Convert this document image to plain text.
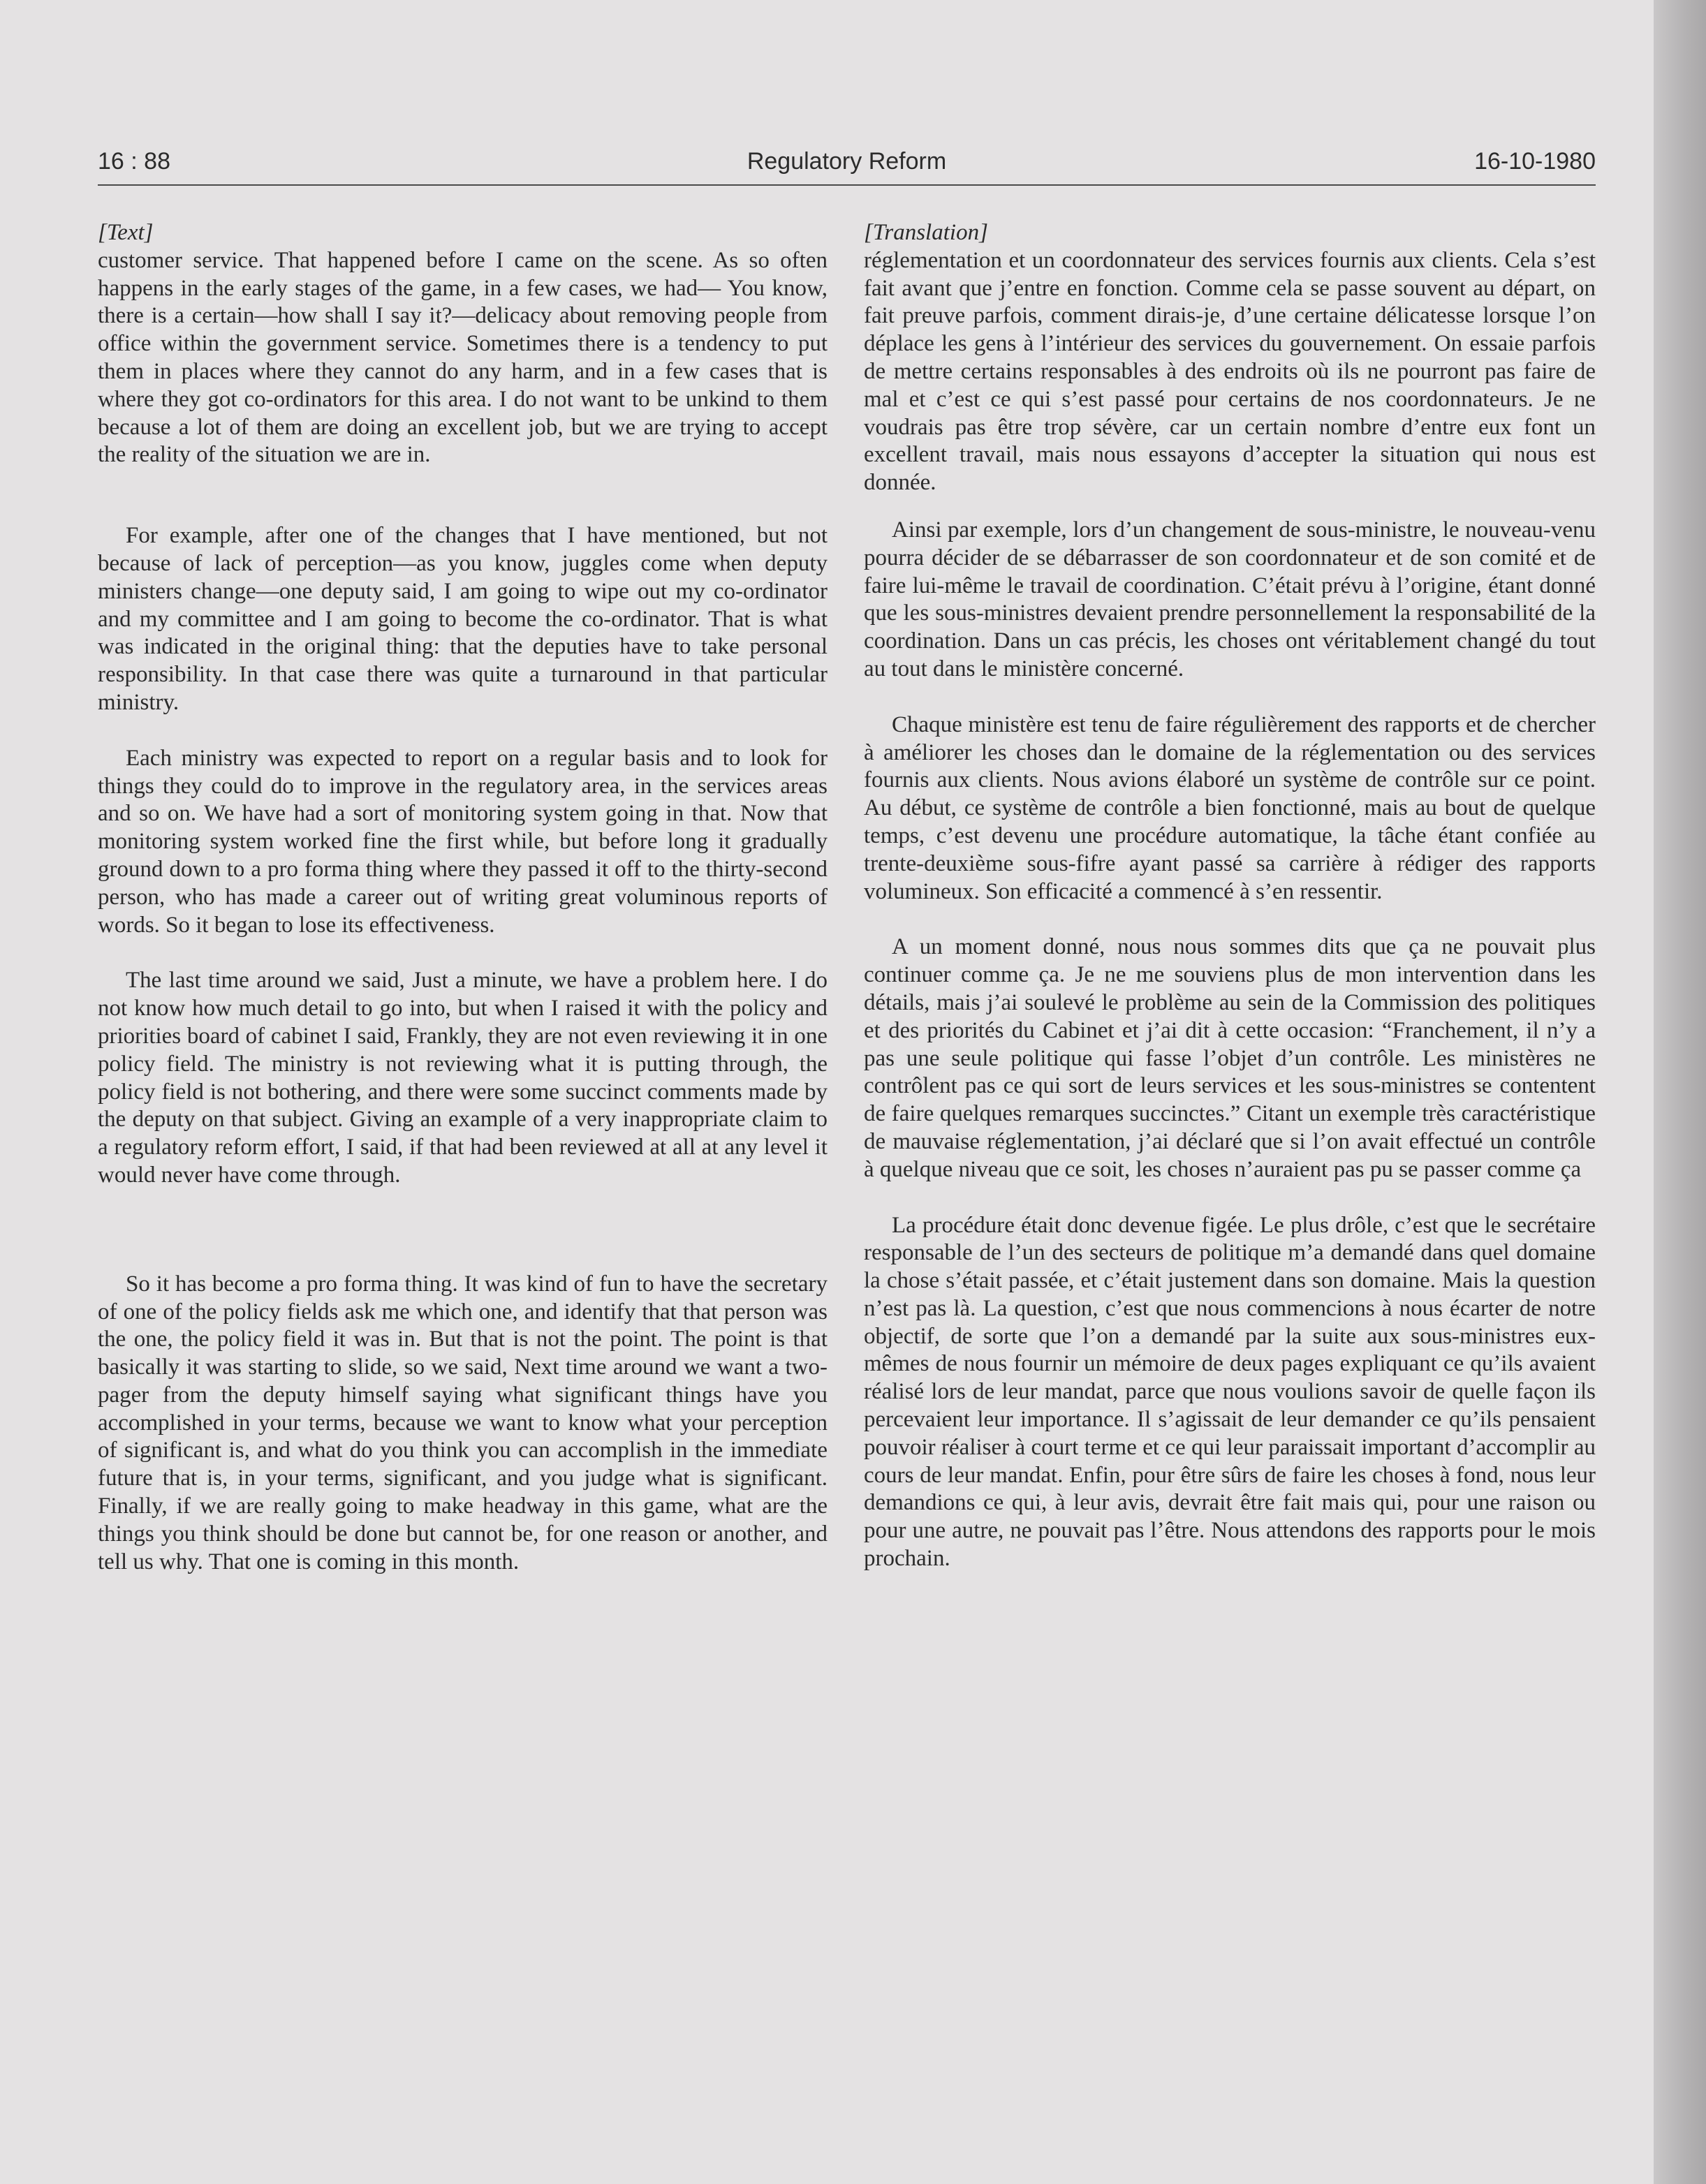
16 : 88	Regulatory Reform	16-10-1980

[Text]

customer service. That happened before I came on the scene. As so often happens in the early stages of the game, in a few cases, we had— You know, there is a certain—how shall I say it?—delicacy about removing people from office within the government service. Sometimes there is a tendency to put them in places where they cannot do any harm, and in a few cases that is where they got co-ordinators for this area. I do not want to be unkind to them because a lot of them are doing an excellent job, but we are trying to accept the reality of the situation we are in.

For example, after one of the changes that I have mentioned, but not because of lack of perception—as you know, juggles come when deputy ministers change—one deputy said, I am going to wipe out my co-ordinator and my committee and I am going to become the co-ordinator. That is what was indicated in the original thing: that the deputies have to take personal responsibility. In that case there was quite a turnaround in that particular ministry.

Each ministry was expected to report on a regular basis and to look for things they could do to improve in the regulatory area, in the services areas and so on. We have had a sort of monitoring system going in that. Now that monitoring system worked fine the first while, but before long it gradually ground down to a pro forma thing where they passed it off to the thirty-second person, who has made a career out of writing great voluminous reports of words. So it began to lose its effectiveness.

The last time around we said, Just a minute, we have a problem here. I do not know how much detail to go into, but when I raised it with the policy and priorities board of cabinet I said, Frankly, they are not even reviewing it in one policy field. The ministry is not reviewing what it is putting through, the policy field is not bothering, and there were some succinct comments made by the deputy on that subject. Giving an example of a very inappropriate claim to a regulatory reform effort, I said, if that had been reviewed at all at any level it would never have come through.

So it has become a pro forma thing. It was kind of fun to have the secretary of one of the policy fields ask me which one, and identify that that person was the one, the policy field it was in. But that is not the point. The point is that basically it was starting to slide, so we said, Next time around we want a two-pager from the deputy himself saying what significant things have you accomplished in your terms, because we want to know what your perception of significant is, and what do you think you can accomplish in the immediate future that is, in your terms, significant, and you judge what is significant. Finally, if we are really going to make headway in this game, what are the things you think should be done but cannot be, for one reason or another, and tell us why. That one is coming in this month.

[Translation]

réglementation et un coordonnateur des services fournis aux clients. Cela s’est fait avant que j’entre en fonction. Comme cela se passe souvent au départ, on fait preuve parfois, comment dirais-je, d’une certaine délicatesse lorsque l’on déplace les gens à l’intérieur des services du gouvernement. On essaie parfois de mettre certains responsables à des endroits où ils ne pourront pas faire de mal et c’est ce qui s’est passé pour certains de nos coordonnateurs. Je ne voudrais pas être trop sévère, car un certain nombre d’entre eux font un excellent travail, mais nous essayons d’accepter la situation qui nous est donnée.

Ainsi par exemple, lors d’un changement de sous-ministre, le nouveau-venu pourra décider de se débarrasser de son coordonnateur et de son comité et de faire lui-même le travail de coordination. C’était prévu à l’origine, étant donné que les sous-ministres devaient prendre personnellement la responsabilité de la coordination. Dans un cas précis, les choses ont véritablement changé du tout au tout dans le ministère concerné.

Chaque ministère est tenu de faire régulièrement des rapports et de chercher à améliorer les choses dan le domaine de la réglementation ou des services fournis aux clients. Nous avions élaboré un système de contrôle sur ce point. Au début, ce système de contrôle a bien fonctionné, mais au bout de quelque temps, c’est devenu une procédure automatique, la tâche étant confiée au trente-deuxième sous-fifre ayant passé sa carrière à rédiger des rapports volumineux. Son efficacité a commencé à s’en ressentir.

A un moment donné, nous nous sommes dits que ça ne pouvait plus continuer comme ça. Je ne me souviens plus de mon intervention dans les détails, mais j’ai soulevé le problème au sein de la Commission des politiques et des priorités du Cabinet et j’ai dit à cette occasion: “Franchement, il n’y a pas une seule politique qui fasse l’objet d’un contrôle. Les ministères ne contrôlent pas ce qui sort de leurs services et les sous-ministres se contentent de faire quelques remarques succinctes.” Citant un exemple très caractéristique de mauvaise réglementation, j’ai déclaré que si l’on avait effectué un contrôle à quelque niveau que ce soit, les choses n’auraient pas pu se passer comme ça

La procédure était donc devenue figée. Le plus drôle, c’est que le secrétaire responsable de l’un des secteurs de politique m’a demandé dans quel domaine la chose s’était passée, et c’était justement dans son domaine. Mais la question n’est pas là. La question, c’est que nous commencions à nous écarter de notre objectif, de sorte que l’on a demandé par la suite aux sous-ministres eux-mêmes de nous fournir un mémoire de deux pages expliquant ce qu’ils avaient réalisé lors de leur mandat, parce que nous voulions savoir de quelle façon ils percevaient leur importance. Il s’agissait de leur demander ce qu’ils pensaient pouvoir réaliser à court terme et ce qui leur paraissait important d’accomplir au cours de leur mandat. Enfin, pour être sûrs de faire les choses à fond, nous leur demandions ce qui, à leur avis, devrait être fait mais qui, pour une raison ou pour une autre, ne pouvait pas l’être. Nous attendons des rapports pour le mois prochain.
